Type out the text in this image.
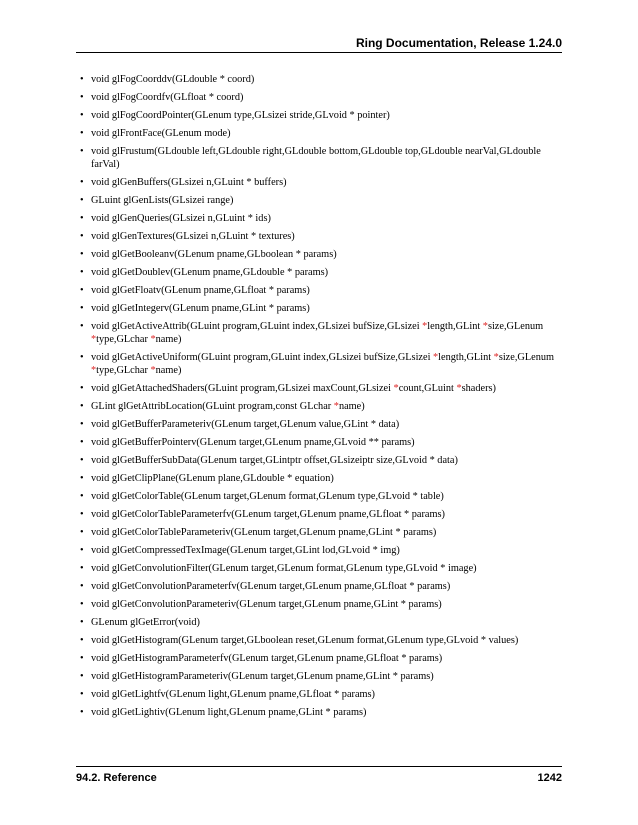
Ring Documentation, Release 1.24.0
• void glFogCoorddv(GLdouble * coord)
• void glFogCoordfv(GLfloat * coord)
• void glFogCoordPointer(GLenum type,GLsizei stride,GLvoid * pointer)
• void glFrontFace(GLenum mode)
• void glFrustum(GLdouble left,GLdouble right,GLdouble bottom,GLdouble top,GLdouble nearVal,GLdouble farVal)
• void glGenBuffers(GLsizei n,GLuint * buffers)
• GLuint glGenLists(GLsizei range)
• void glGenQueries(GLsizei n,GLuint * ids)
• void glGenTextures(GLsizei n,GLuint * textures)
• void glGetBooleanv(GLenum pname,GLboolean * params)
• void glGetDoublev(GLenum pname,GLdouble * params)
• void glGetFloatv(GLenum pname,GLfloat * params)
• void glGetIntegerv(GLenum pname,GLint * params)
• void glGetActiveAttrib(GLuint program,GLuint index,GLsizei bufSize,GLsizei *length,GLint *size,GLenum *type,GLchar *name)
• void glGetActiveUniform(GLuint program,GLuint index,GLsizei bufSize,GLsizei *length,GLint *size,GLenum *type,GLchar *name)
• void glGetAttachedShaders(GLuint program,GLsizei maxCount,GLsizei *count,GLuint *shaders)
• GLint glGetAttribLocation(GLuint program,const GLchar *name)
• void glGetBufferParameteriv(GLenum target,GLenum value,GLint * data)
• void glGetBufferPointerv(GLenum target,GLenum pname,GLvoid ** params)
• void glGetBufferSubData(GLenum target,GLintptr offset,GLsizeiptr size,GLvoid * data)
• void glGetClipPlane(GLenum plane,GLdouble * equation)
• void glGetColorTable(GLenum target,GLenum format,GLenum type,GLvoid * table)
• void glGetColorTableParameterfv(GLenum target,GLenum pname,GLfloat * params)
• void glGetColorTableParameteriv(GLenum target,GLenum pname,GLint * params)
• void glGetCompressedTexImage(GLenum target,GLint lod,GLvoid * img)
• void glGetConvolutionFilter(GLenum target,GLenum format,GLenum type,GLvoid * image)
• void glGetConvolutionParameterfv(GLenum target,GLenum pname,GLfloat * params)
• void glGetConvolutionParameteriv(GLenum target,GLenum pname,GLint * params)
• GLenum glGetError(void)
• void glGetHistogram(GLenum target,GLboolean reset,GLenum format,GLenum type,GLvoid * values)
• void glGetHistogramParameterfv(GLenum target,GLenum pname,GLfloat * params)
• void glGetHistogramParameteriv(GLenum target,GLenum pname,GLint * params)
• void glGetLightfv(GLenum light,GLenum pname,GLfloat * params)
• void glGetLightiv(GLenum light,GLenum pname,GLint * params)
94.2. Reference	1242
